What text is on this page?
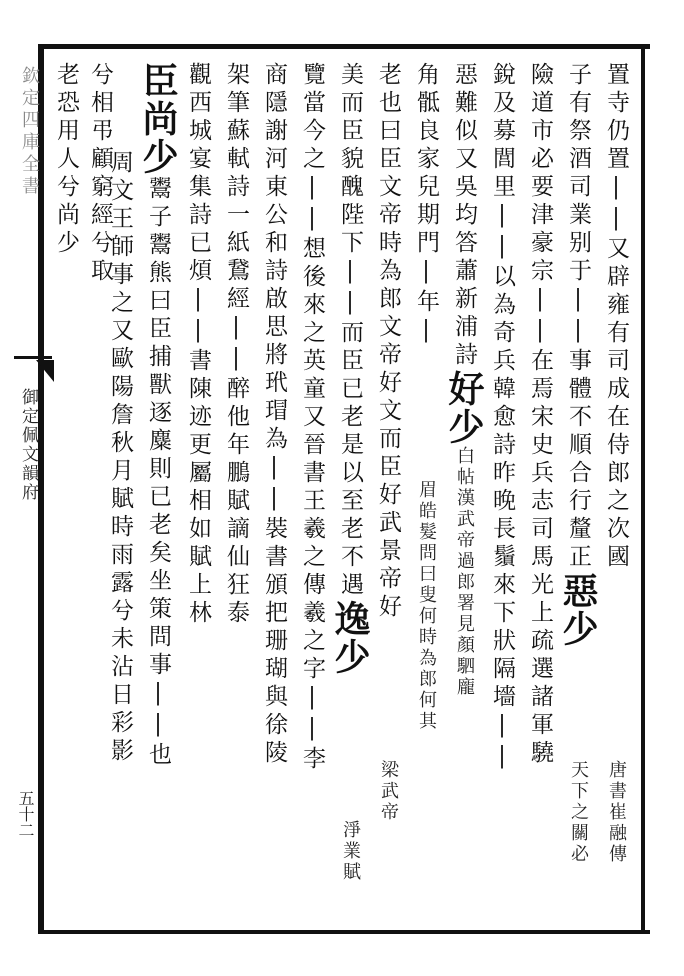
欽定四庫全書
御定佩文韻府
五十二
置寺仍置||又辟雍有司成在侍郎之次國
子有祭酒司業别于||事體不順合行釐正惡少
唐書崔融傳
險道市必要津豪宗||在焉宋史兵志司馬光上疏選諸軍驍
天下之關必
銳及募閭里||以為奇兵韓愈詩昨晚長鬚來下狀隔墻||
惡難似又吳均答蕭新浦詩好少白帖漢武帝過郎署見顏駟龐
角骶良家兒期門|年|
眉皓髮問曰叟何時為郎何其
老也曰臣文帝時為郎文帝好文而臣好武景帝好
美而臣貌醜陛下||而臣已老是以至老不遇逸少
梁武帝
覽當今之||想後來之英童又晉書王羲之傳羲之字||李
淨業賦
商隱謝河東公和詩啟思將玳瑁為||裝書頒把珊瑚與徐陵
架筆蘇軾詩一紙鵞經||醉他年鵬賦謫仙狂泰
觀西城宴集詩已煩||書陳迹更屬相如賦上林
臣尚少鬻子鬻熊曰臣捕獸逐麋則已老矣坐策問事||也
周文王師事之又歐陽詹秋月賦時雨露兮未沾日彩影
兮相弔顧窮經兮取
老恐用人兮尚少
